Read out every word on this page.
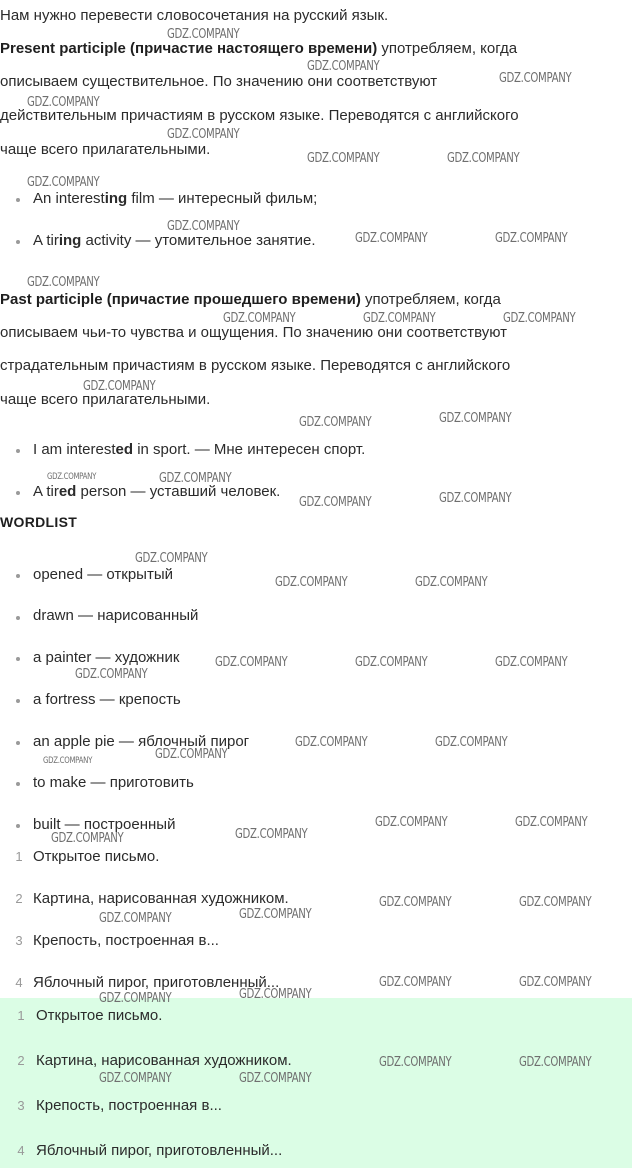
Нам нужно перевести словосочетания на русский язык.
Present participle (причастие настоящего времени) употребляем, когда
описываем существительное. По значению они соответствуют
действительным причастиям в русском языке. Переводятся с английского
чаще всего прилагательными.
An interesting film — интересный фильм;
A tiring activity — утомительное занятие.
Past participle (причастие прошедшего времени) употребляем, когда
описываем чьи-то чувства и ощущения. По значению они соответствуют
страдательным причастиям в русском языке. Переводятся с английского
чаще всего прилагательными.
I am interested in sport. — Мне интересен спорт.
A tired person — уставший человек.
WORDLIST
opened — открытый
drawn — нарисованный
a painter — художник
a fortress — крепость
an apple pie — яблочный пирог
to make — приготовить
built — построенный
1 Открытое письмо.
2 Картина, нарисованная художником.
3 Крепость, построенная в...
4 Яблочный пирог, приготовленный...
1 Открытое письмо.
2 Картина, нарисованная художником.
3 Крепость, построенная в...
4 Яблочный пирог, приготовленный...
GDZ.COMPANY
GDZ.COMPANY
GDZ.COMPANY
GDZ.COMPANY
GDZ.COMPANY
GDZ.COMPANY	GDZ.COMPANY
GDZ.COMPANY
GDZ.COMPANY
GDZ.COMPANY	GDZ.COMPANY
GDZ.COMPANY
GDZ.COMPANY	GDZ.COMPANY	GDZ.COMPANY
GDZ.COMPANY
GDZ.COMPANY	GDZ.COMPANY
GDZ.COMPANY	GDZ.COMPANY
GDZ.COMPANY	GDZ.COMPANY
GDZ.COMPANY
GDZ.COMPANY	GDZ.COMPANY
GDZ.COMPANY	GDZ.COMPANY	GDZ.COMPANY
GDZ.COMPANY
GDZ.COMPANY	GDZ.COMPANY
GDZ.COMPANY	GDZ.COMPANY
GDZ.COMPANY	GDZ.COMPANY
GDZ.COMPANY	GDZ.COMPANY
GDZ.COMPANY	GDZ.COMPANY
GDZ.COMPANY	GDZ.COMPANY
GDZ.COMPANY	GDZ.COMPANY
GDZ.COMPANY	GDZ.COMPANY
GDZ.COMPANY	GDZ.COMPANY
GDZ.COMPANY	GDZ.COMPANY
